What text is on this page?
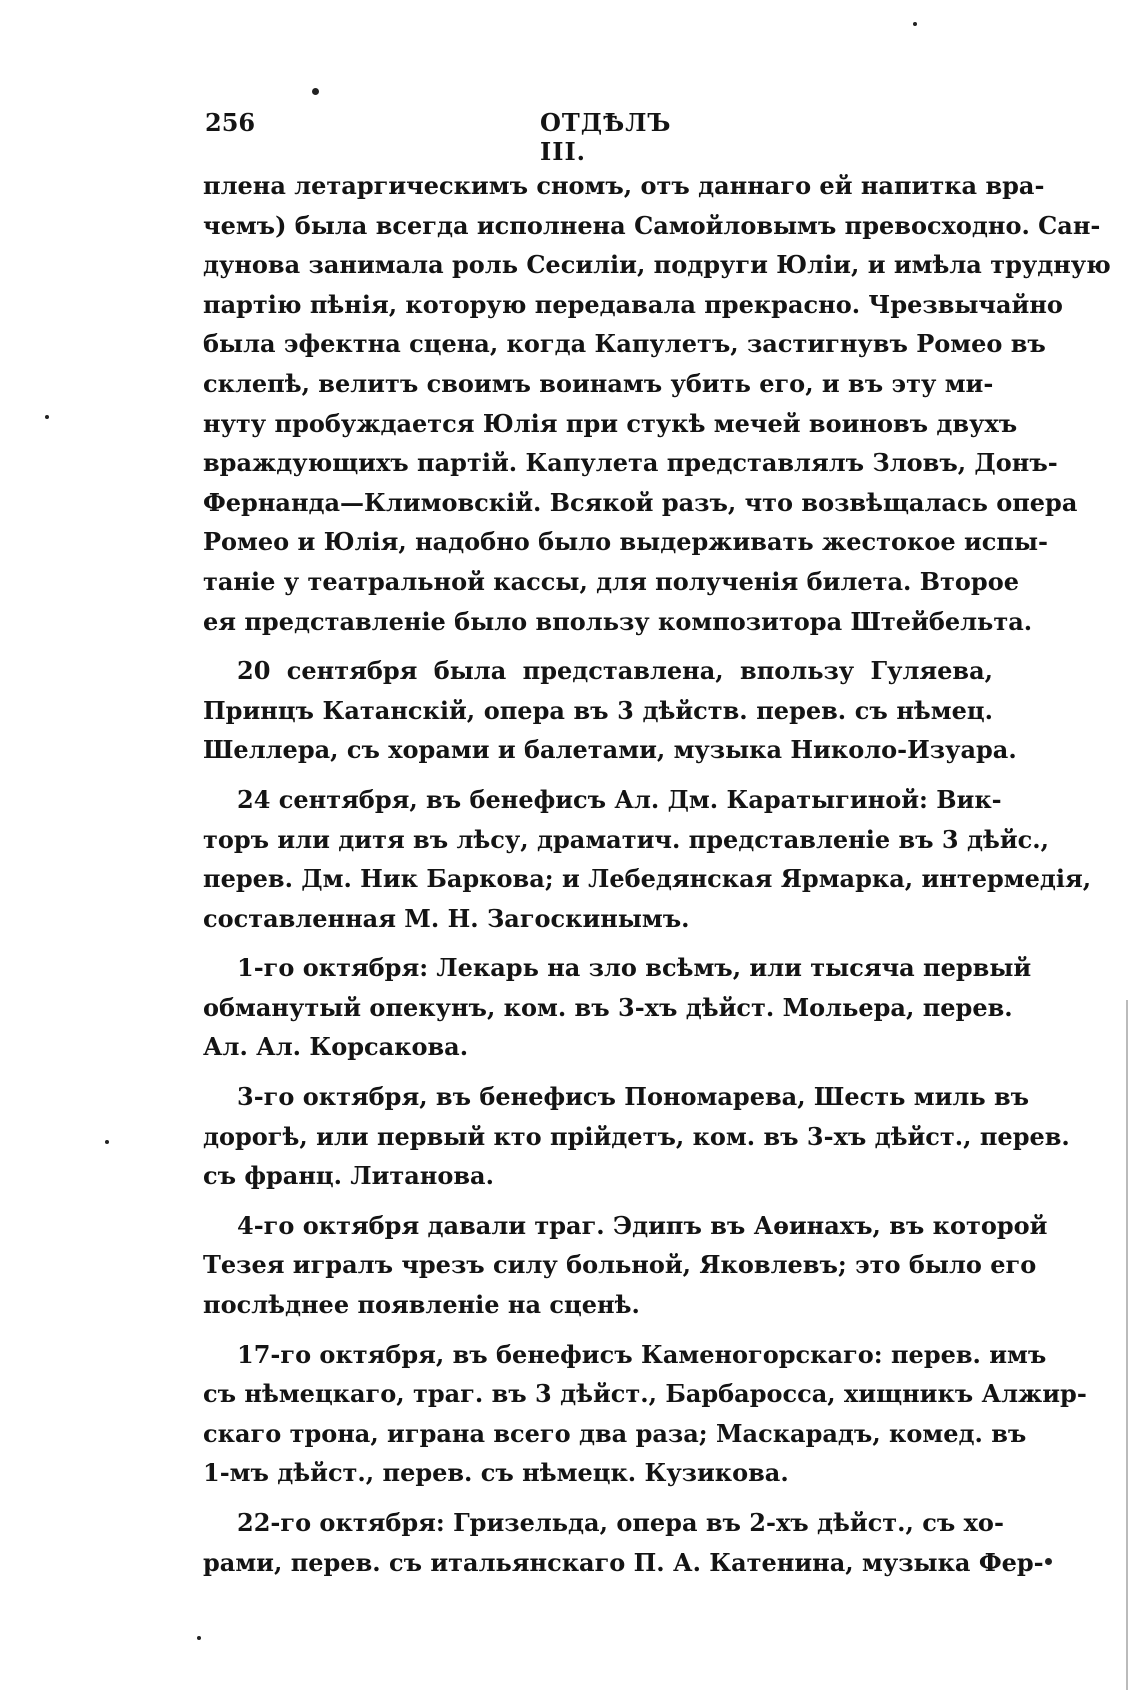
256	ОТДѢЛЪ III.
плена летаргическимъ сномъ, отъ даннаго ей напитка вра-
чемъ) была всегда исполнена Самойловымъ превосходно. Сан-
дунова занимала роль Сесиліи, подруги Юліи, и имѣла трудную
партію пѣнія, которую передавала прекрасно. Чрезвычайно
была эфектна сцена, когда Капулетъ, застигнувъ Ромео въ
склепѣ, велитъ своимъ воинамъ убить его, и въ эту ми-
нуту пробуждается Юлія при стукѣ мечей воиновъ двухъ
враждующихъ партій. Капулета представлялъ Зловъ, Донъ-
Фернанда—Климовскій. Всякой разъ, что возвѣщалась опера
Ромео и Юлія, надобно было выдерживать жестокое испы-
таніе у театральной кассы, для полученія билета. Второе
ея представленіе было впользу композитора Штейбельта.
20 сентября была представлена, впользу Гуляева,
Принцъ Катанскій, опера въ 3 дѣйств. перев. съ нѣмец.
Шеллера, съ хорами и балетами, музыка Николо-Изуара.
24 сентября, въ бенефисъ Ал. Дм. Каратыгиной: Вик-
торъ или дитя въ лѣсу, драматич. представленіе въ 3 дѣйс.,
перев. Дм. Ник Баркова; и Лебедянская Ярмарка, интермедія,
составленная М. Н. Загоскинымъ.
1-го октября: Лекарь на зло всѣмъ, или тысяча первый
обманутый опекунъ, ком. въ 3-хъ дѣйст. Мольера, перев.
Ал. Ал. Корсакова.
3-го октября, въ бенефисъ Пономарева, Шесть миль въ
дорогѣ, или первый кто прійдетъ, ком. въ 3-хъ дѣйст., перев.
съ франц. Литанова.
4-го октября давали траг. Эдипъ въ Аѳинахъ, въ которой
Тезея игралъ чрезъ силу больной, Яковлевъ; это было его
послѣднее появленіе на сценѣ.
17-го октября, въ бенефисъ Каменогорскаго: перев. имъ
съ нѣмецкаго, траг. въ 3 дѣйст., Барбаросса, хищникъ Алжир-
скаго трона, играна всего два раза; Маскарадъ, комед. въ
1-мъ дѣйст., перев. съ нѣмецк. Кузикова.
22-го октября: Гризельда, опера въ 2-хъ дѣйст., съ хо-
рами, перев. съ итальянскаго П. А. Катенина, музыка Фер-
